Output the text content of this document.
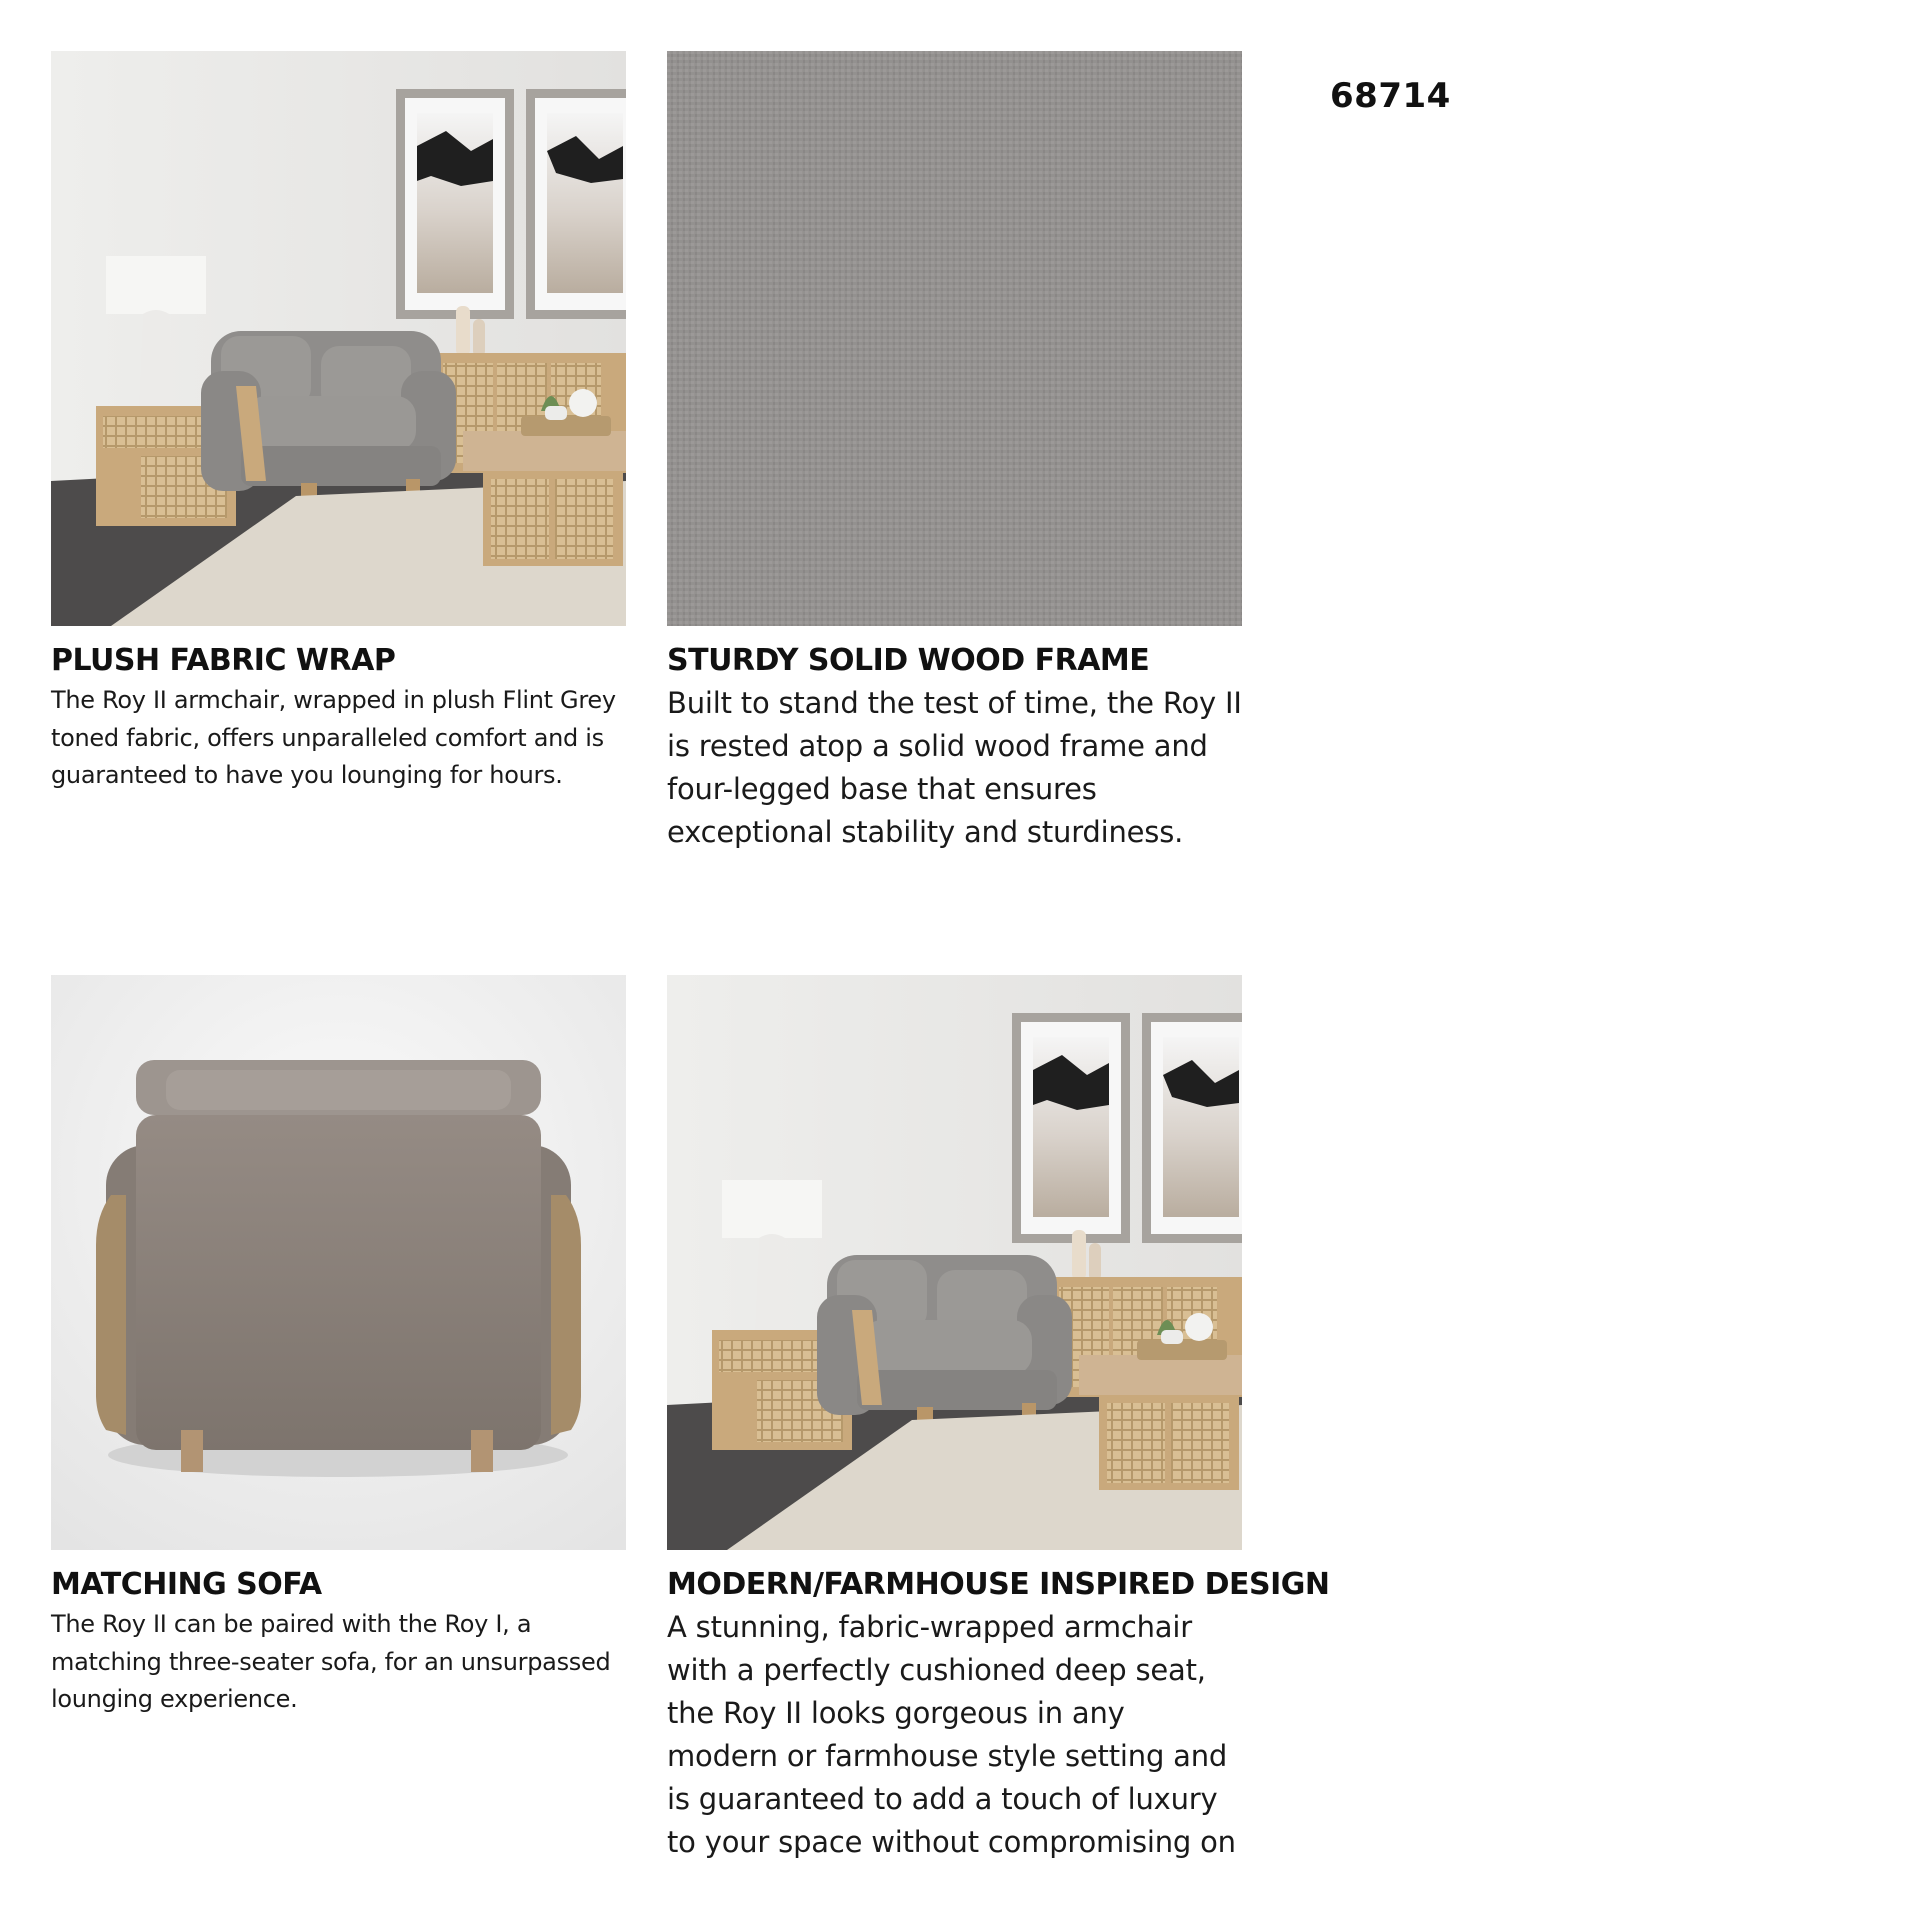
68714
PLUSH FABRIC WRAP
The Roy II armchair, wrapped in plush Flint Grey toned fabric, offers unparalleled comfort and is guaranteed to have you lounging for hours.
STURDY SOLID WOOD FRAME
Built to stand the test of time, the Roy II is rested atop a solid wood frame and four-legged base that ensures exceptional stability and sturdiness.
MATCHING SOFA
The Roy II can be paired with the Roy I, a matching three-seater sofa, for an unsurpassed lounging experience.
MODERN/FARMHOUSE INSPIRED DESIGN
A stunning, fabric-wrapped armchair with a perfectly cushioned deep seat, the Roy II looks gorgeous in any modern or farmhouse style setting and is guaranteed to add a touch of luxury to your space without compromising on
